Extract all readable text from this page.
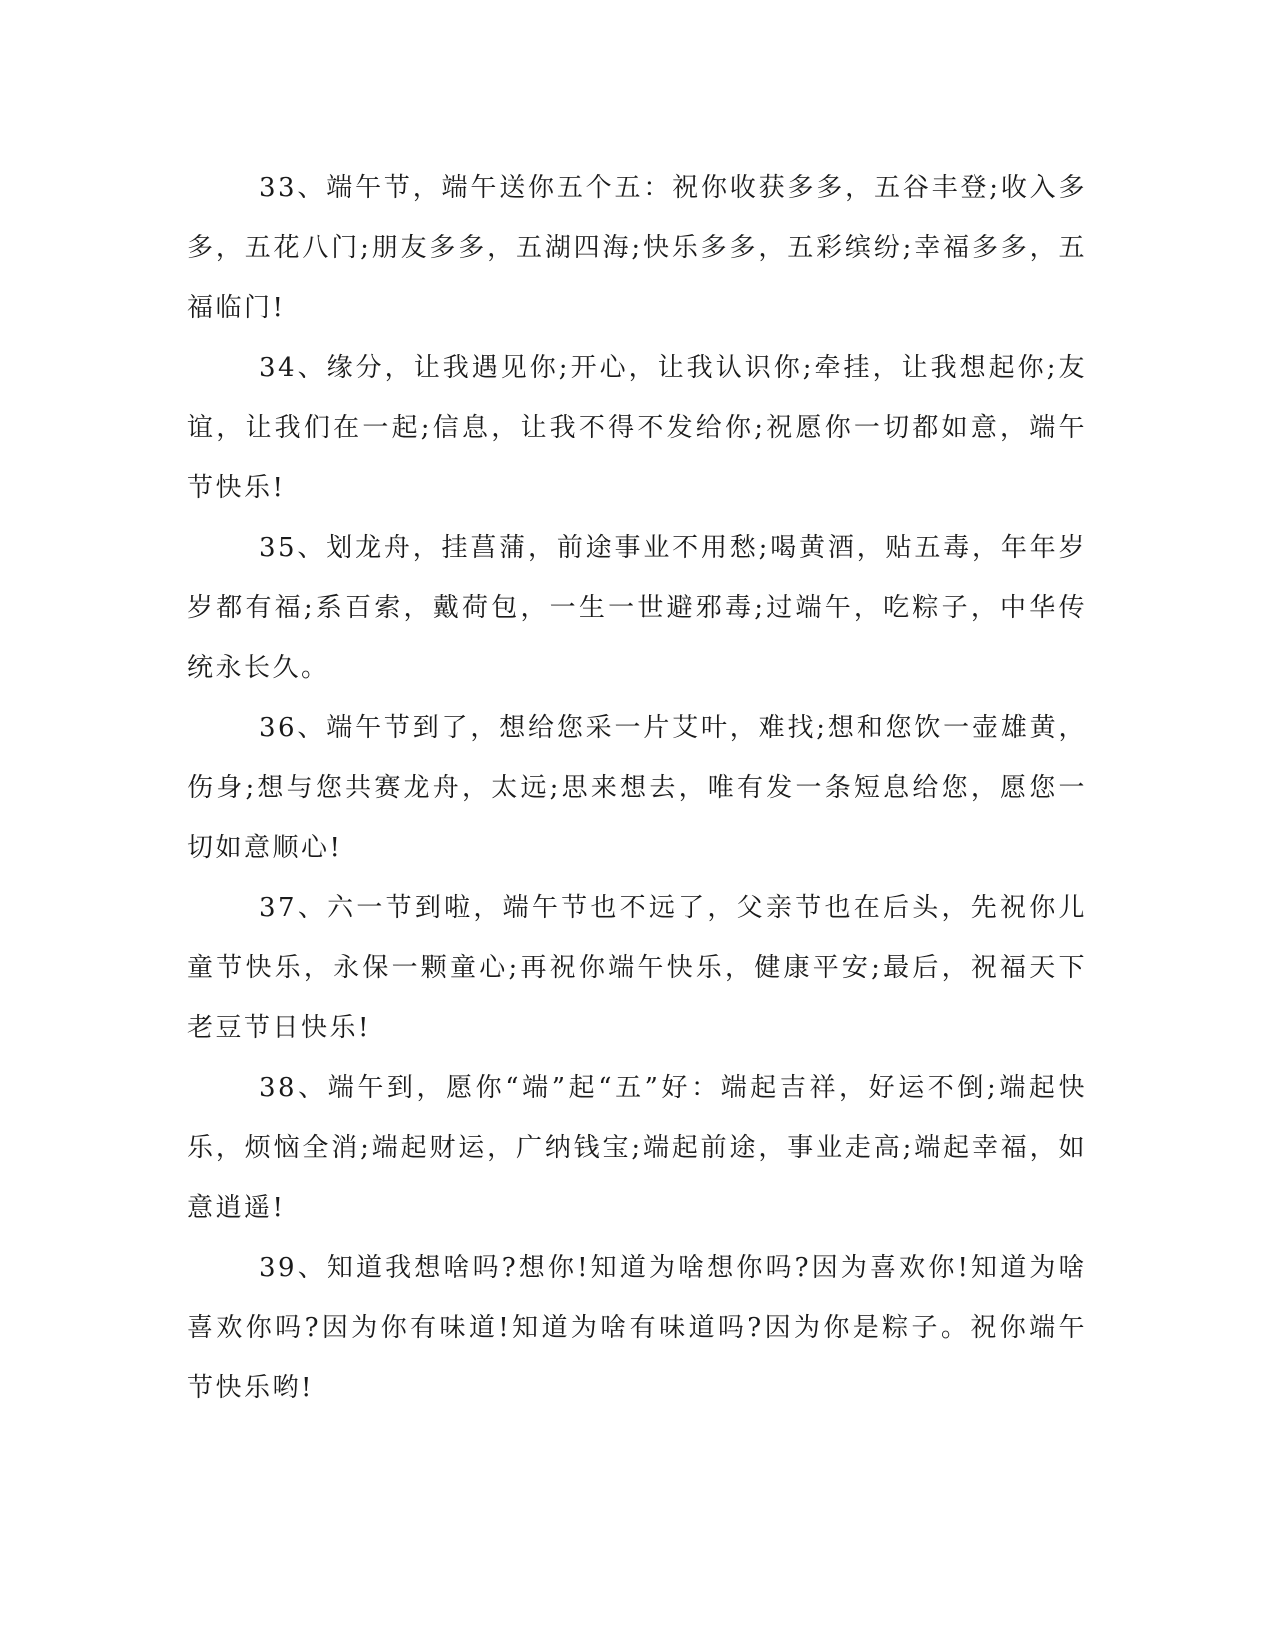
33、端午节，端午送你五个五：祝你收获多多，五谷丰登;收入多多，五花八门;朋友多多，五湖四海;快乐多多，五彩缤纷;幸福多多，五福临门!

34、缘分，让我遇见你;开心，让我认识你;牵挂，让我想起你;友谊，让我们在一起;信息，让我不得不发给你;祝愿你一切都如意，端午节快乐!

35、划龙舟，挂菖蒲，前途事业不用愁;喝黄酒，贴五毒，年年岁岁都有福;系百索，戴荷包，一生一世避邪毒;过端午，吃粽子，中华传统永长久。

36、端午节到了，想给您采一片艾叶，难找;想和您饮一壶雄黄，伤身;想与您共赛龙舟，太远;思来想去，唯有发一条短息给您，愿您一切如意顺心!

37、六一节到啦，端午节也不远了，父亲节也在后头，先祝你儿童节快乐，永保一颗童心;再祝你端午快乐，健康平安;最后，祝福天下老豆节日快乐!

38、端午到，愿你“端”起“五”好：端起吉祥，好运不倒;端起快乐，烦恼全消;端起财运，广纳钱宝;端起前途，事业走高;端起幸福，如意逍遥!

39、知道我想啥吗?想你!知道为啥想你吗?因为喜欢你!知道为啥喜欢你吗?因为你有味道!知道为啥有味道吗?因为你是粽子。祝你端午节快乐哟!
